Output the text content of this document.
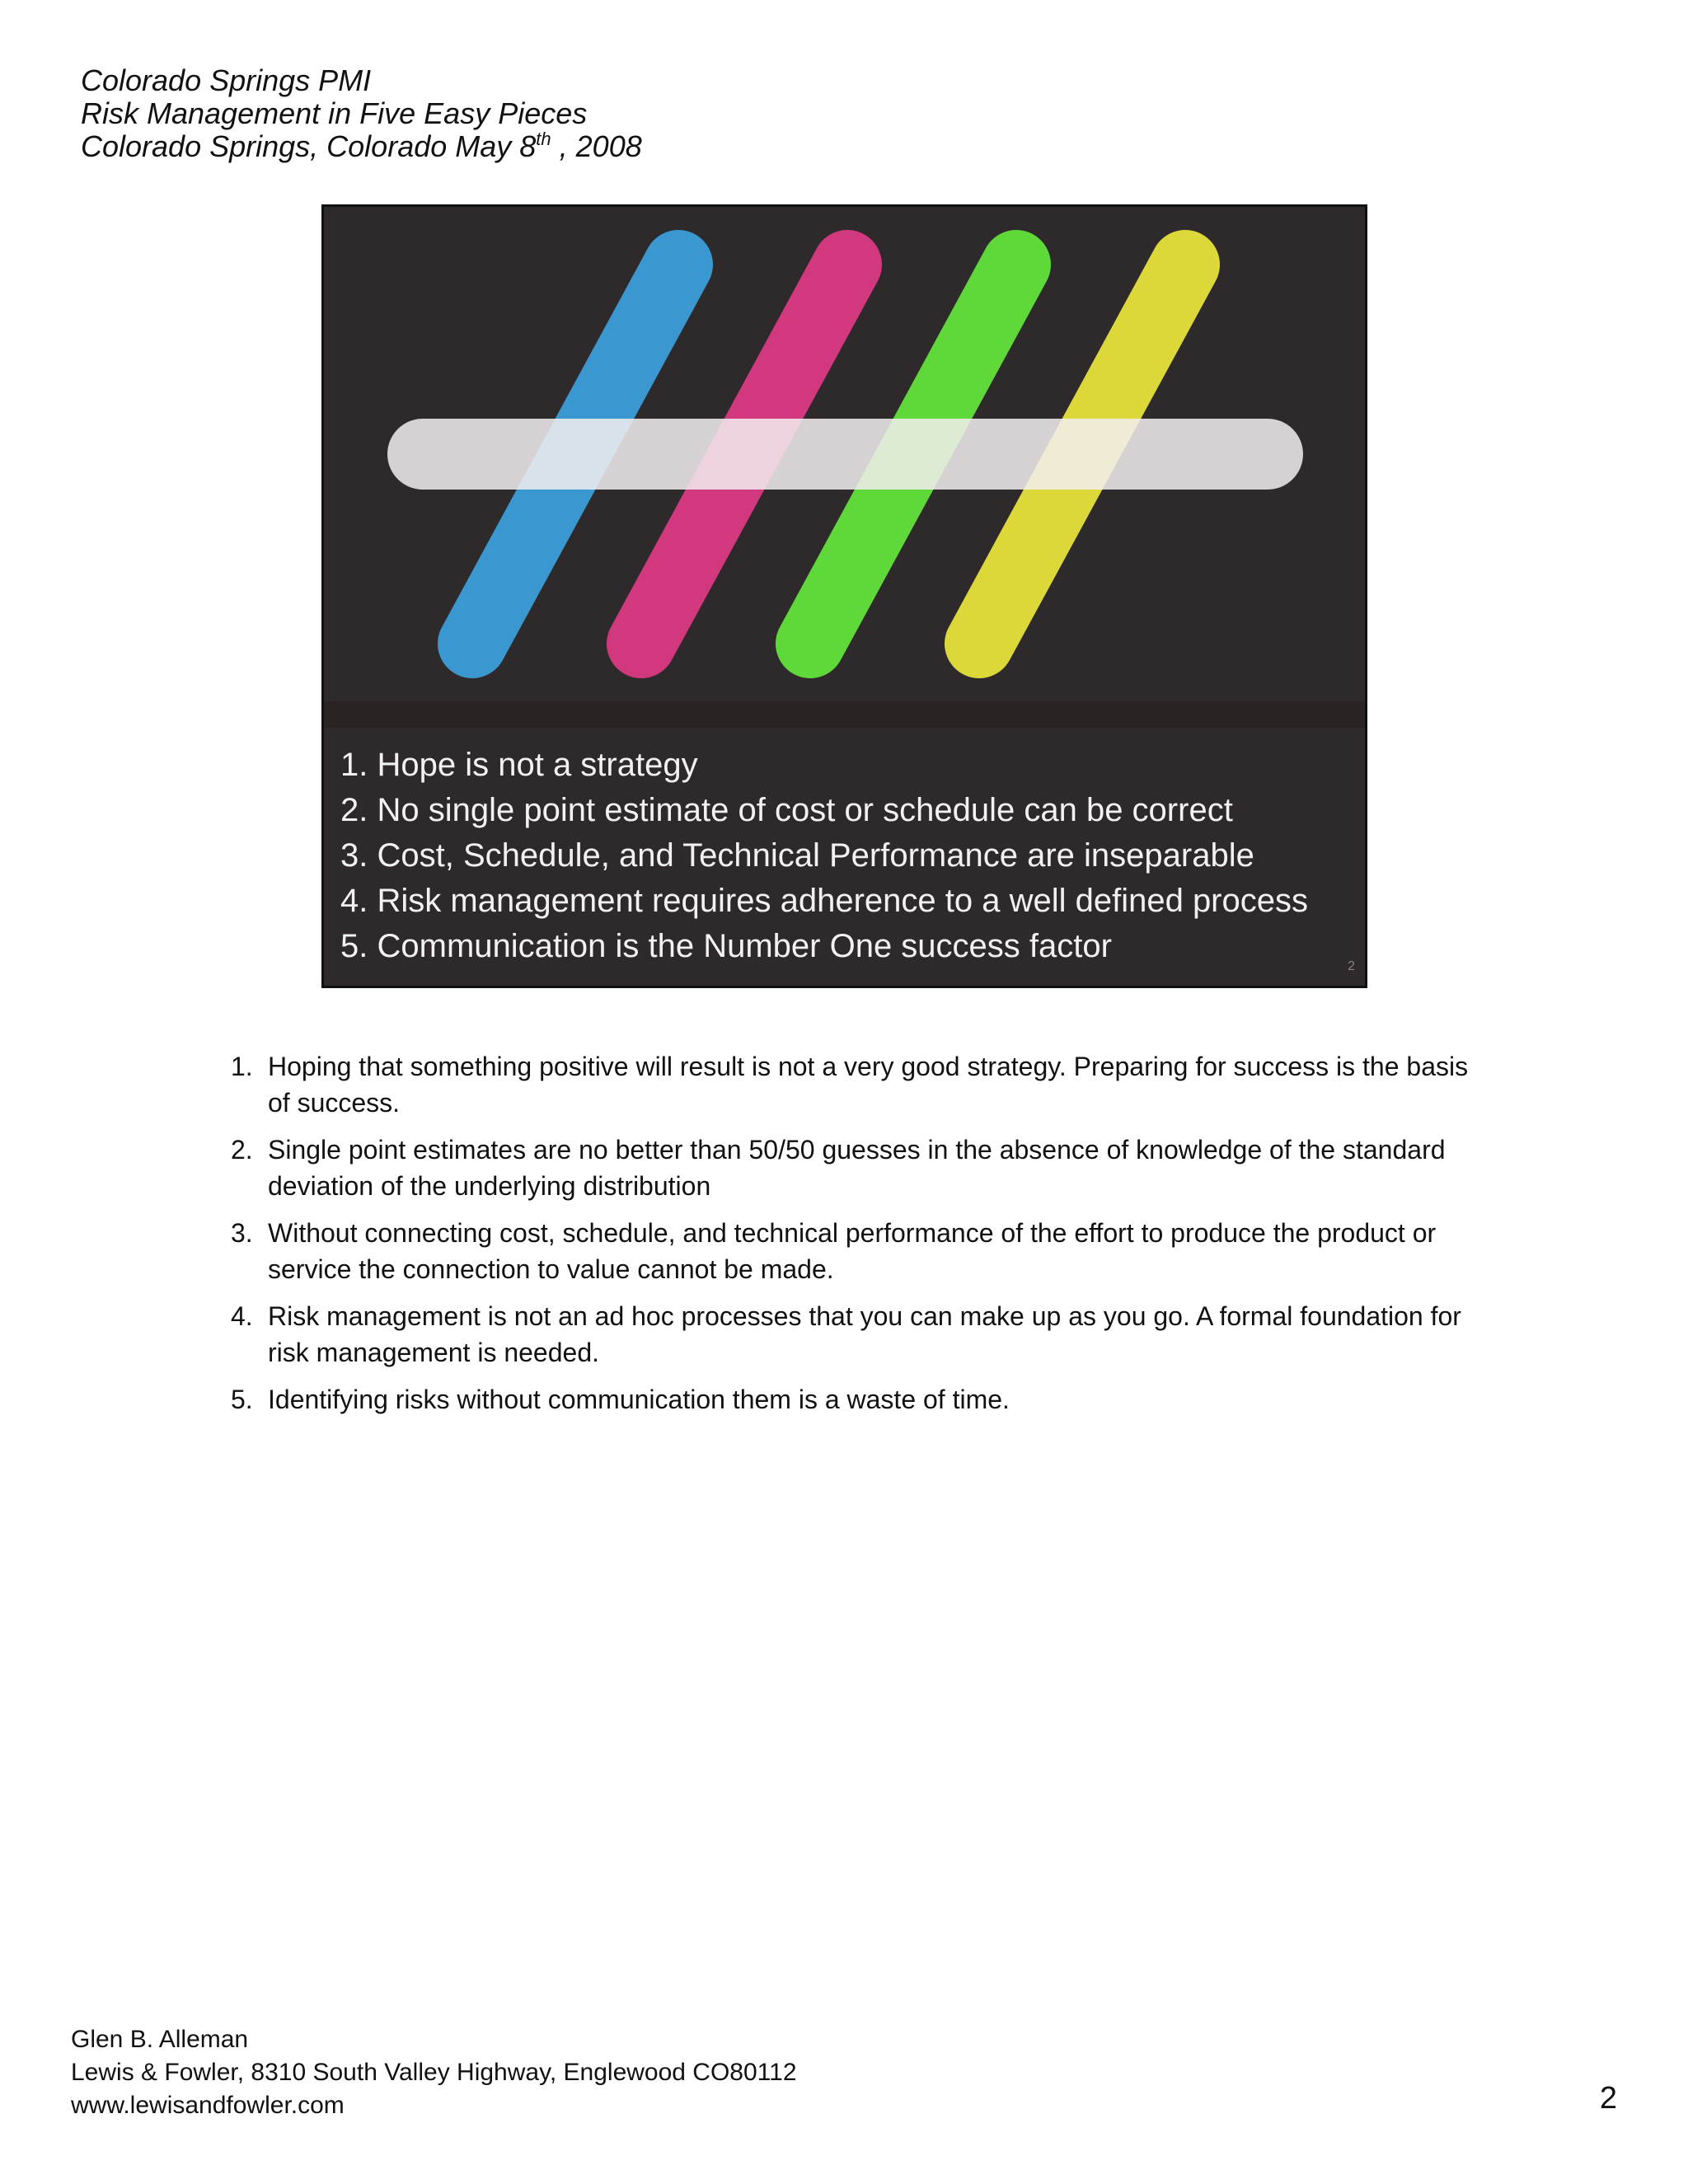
Colorado Springs PMI
Risk Management in Five Easy Pieces
Colorado Springs, Colorado May 8th , 2008
1. Hope is not a strategy
2. No single point estimate of cost or schedule can be correct
3. Cost, Schedule, and Technical Performance are inseparable
4. Risk management requires adherence to a well defined process
5. Communication is the Number One success factor
2
1. Hoping that something positive will result is not a very good strategy. Preparing for success is the basis of success.
2. Single point estimates are no better than 50/50 guesses in the absence of knowledge of the standard deviation of the underlying distribution
3. Without connecting cost, schedule, and technical performance of the effort to produce the product or service the connection to value cannot be made.
4. Risk management is not an ad hoc processes that you can make up as you go. A formal foundation for risk management is needed.
5. Identifying risks without communication them is a waste of time.
Glen B. Alleman
Lewis & Fowler, 8310 South Valley Highway, Englewood CO80112
www.lewisandfowler.com	2
